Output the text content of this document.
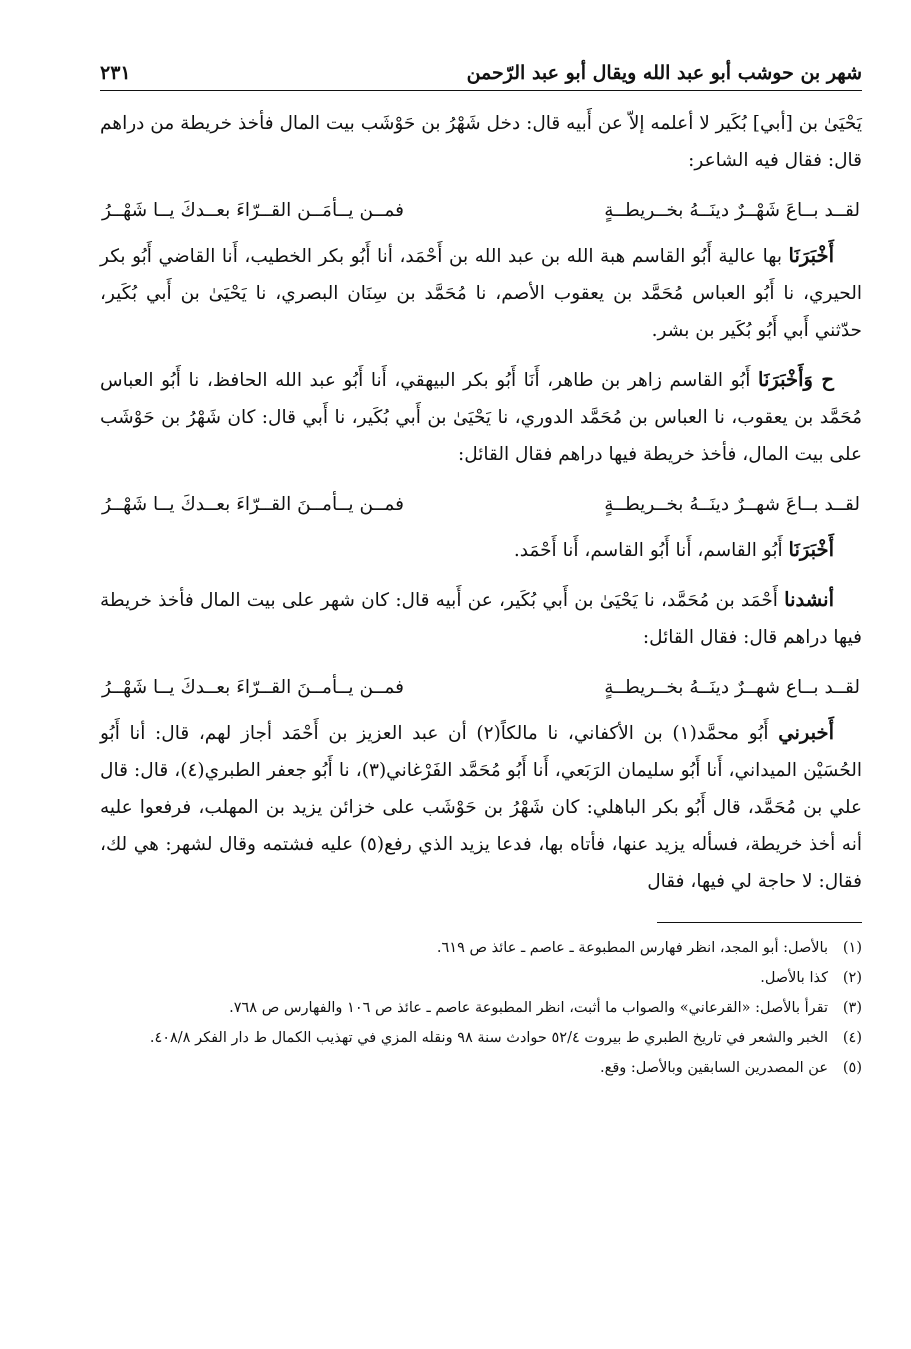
شهر بن حوشب أبو عبد الله ويقال أبو عبد الرّحمن
٢٣١

يَحْيَىٰ بن [أبي] بُكَير لا أعلمه إلاّ عن أَبيه قال: دخل شَهْرُ بن حَوْشَب بيت المال فأخذ خريطة من دراهم قال: فقال فيه الشاعر:

لقــد بــاعَ شَهْــرٌ دينَــهُ بخــريطــةٍ
فمــن يــأمَــن القــرّاءَ بعــدكَ يــا شَهْــرُ

أَخْبَرَنَا بها عالية أَبُو القاسم هبة الله بن عبد الله بن أَحْمَد، أنا أَبُو بكر الخطيب، أَنا القاضي أَبُو بكر الحيري، نا أَبُو العباس مُحَمَّد بن يعقوب الأصم، نا مُحَمَّد بن سِنَان البصري، نا يَحْيَىٰ بن أَبي بُكَير، حدّثني أَبي أَبُو بُكَير بن بشر.

ح وَأَخْبَرَنَا أَبُو القاسم زاهر بن طاهر، أَنَا أَبُو بكر البيهقي، أَنا أَبُو عبد الله الحافظ، نا أَبُو العباس مُحَمَّد بن يعقوب، نا العباس بن مُحَمَّد الدوري، نا يَحْيَىٰ بن أَبي بُكَير، نا أَبي قال: كان شَهْرُ بن حَوْشَب على بيت المال، فأخذ خريطة فيها دراهم فقال القائل:

لقــد بــاعَ شهــرٌ دينَــهُ بخــريطــةٍ
فمــن يــأمــنَ القــرّاءَ بعــدكَ يــا شَهْــرُ

أَخْبَرَنَا أَبُو القاسم، أَنا أَبُو القاسم، أَنا أَحْمَد.

أنشدنا أَحْمَد بن مُحَمَّد، نا يَحْيَىٰ بن أَبي بُكَير، عن أَبيه قال: كان شهر على بيت المال فأخذ خريطة فيها دراهم قال: فقال القائل:

لقــد بــاع شهــرٌ دينَــهُ بخــريطــةٍ
فمــن يــأمــنَ القــرّاءَ بعــدكَ يــا شَهْــرُ

أَخبرني أَبُو محمَّد(١) بن الأكفاني، نا مالكاً(٢) أن عبد العزيز بن أَحْمَد أجاز لهم، قال: أنا أَبُو الحُسَيْن الميداني، أَنا أَبُو سليمان الرَبَعي، أَنا أَبُو مُحَمَّد الفَرْغاني(٣)، نا أَبُو جعفر الطبري(٤)، قال: قال علي بن مُحَمَّد، قال أَبُو بكر الباهلي: كان شَهْرُ بن حَوْشَب على خزائن يزيد بن المهلب، فرفعوا عليه أنه أخذ خريطة، فسأله يزيد عنها، فأتاه بها، فدعا يزيد الذي رفع(٥) عليه فشتمه وقال لشهر: هي لك، فقال: لا حاجة لي فيها، فقال

(١)
بالأصل: أبو المجد، انظر فهارس المطبوعة ـ عاصم ـ عائذ ص ٦١٩.
(٢)
كذا بالأصل.
(٣)
تقرأ بالأصل: «القرعاني» والصواب ما أثبت، انظر المطبوعة عاصم ـ عائذ ص ١٠٦ والفهارس ص ٧٦٨.
(٤)
الخبر والشعر في تاريخ الطبري ط بيروت ٥٢/٤ حوادث سنة ٩٨ ونقله المزي في تهذيب الكمال ط دار الفكر ٤٠٨/٨.
(٥)
عن المصدرين السابقين وبالأصل: وقع.
